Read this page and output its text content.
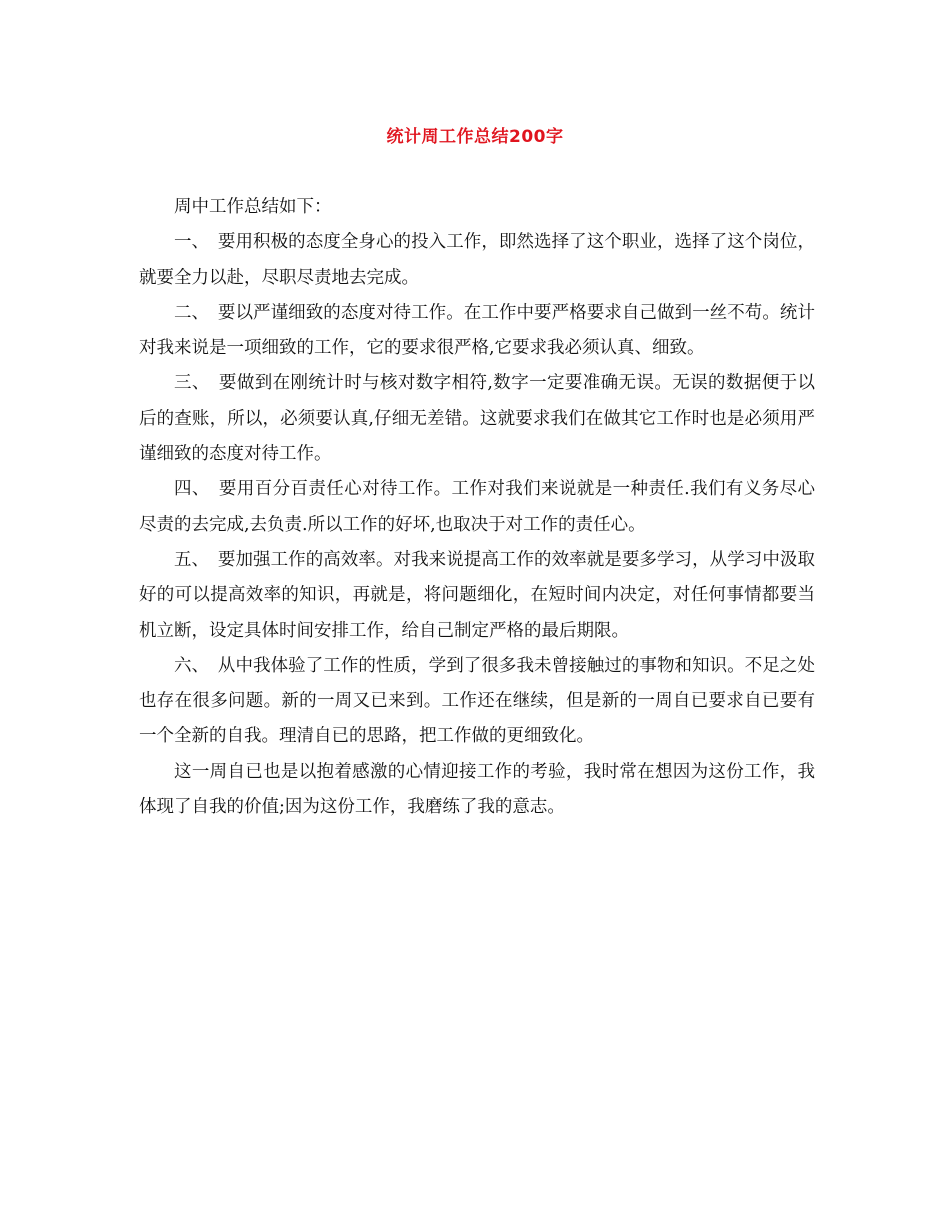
统计周工作总结200字

周中工作总结如下：

一、　要用积极的态度全身心的投入工作，即然选择了这个职业，选择了这个岗位，就要全力以赴，尽职尽责地去完成。

二、　要以严谨细致的态度对待工作。在工作中要严格要求自己做到一丝不苟。统计对我来说是一项细致的工作，它的要求很严格,它要求我必须认真、细致。

三、　要做到在刚统计时与核对数字相符,数字一定要准确无误。无误的数据便于以后的查账，所以，必须要认真,仔细无差错。这就要求我们在做其它工作时也是必须用严谨细致的态度对待工作。

四、　要用百分百责任心对待工作。工作对我们来说就是一种责任.我们有义务尽心尽责的去完成,去负责.所以工作的好坏,也取决于对工作的责任心。

五、　要加强工作的高效率。对我来说提高工作的效率就是要多学习，从学习中汲取好的可以提高效率的知识，再就是，将问题细化，在短时间内决定，对任何事情都要当机立断，设定具体时间安排工作，给自己制定严格的最后期限。

六、　从中我体验了工作的性质，学到了很多我未曾接触过的事物和知识。不足之处也存在很多问题。新的一周又已来到。工作还在继续，但是新的一周自已要求自已要有一个全新的自我。理清自已的思路，把工作做的更细致化。

这一周自已也是以抱着感激的心情迎接工作的考验，我时常在想因为这份工作，我体现了自我的价值;因为这份工作，我磨练了我的意志。
